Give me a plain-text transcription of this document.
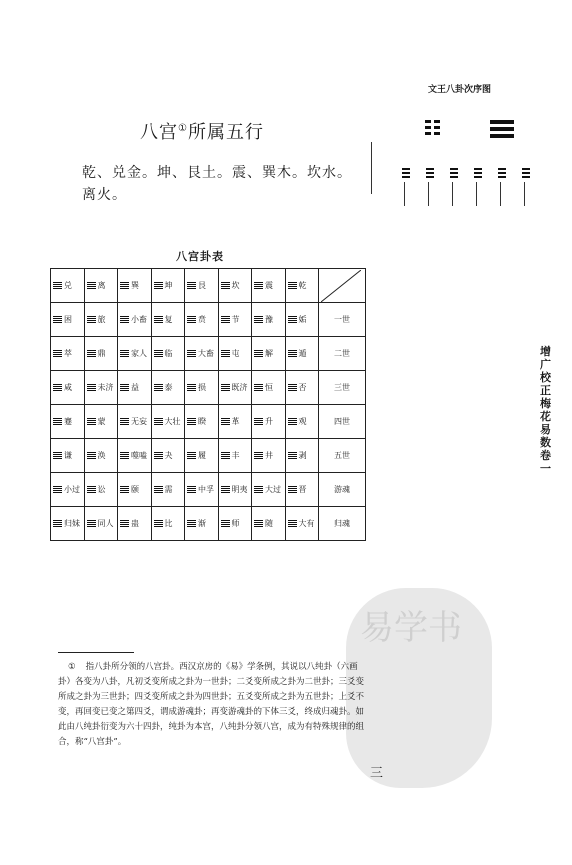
八宫①所属五行
乾、兑金。坤、艮土。震、巽木。坎水。离火。
文王八卦次序图
八宫卦表
兑	离	巽	坤	艮	坎	震	乾

困	旅	小畜	复	贲	节	豫	姤	一世

萃	鼎	家人	临	大畜	屯	解	遁	二世

咸	未济	益	泰	损	既济	恒	否	三世

蹇	蒙	无妄	大壮	睽	革	升	观	四世

谦	涣	噬嗑	夬	履	丰	井	剥	五世

小过	讼	颐	需	中孚	明夷	大过	晋	游魂

归妹	同人	蛊	比	渐	师	随	大有	归魂
增广校正梅花易数卷一
易学书
① 指八卦所分领的八宫卦。西汉京房的《易》学条例，其说以八纯卦（六画卦）各变为八卦，凡初爻变所成之卦为一世卦；二爻变所成之卦为二世卦；三爻变所成之卦为三世卦；四爻变所成之卦为四世卦；五爻变所成之卦为五世卦；上爻不变，再回变已变之第四爻，谓成游魂卦；再变游魂卦的下体三爻，终成归魂卦。如此由八纯卦衍变为六十四卦，纯卦为本宫，八纯卦分领八宫，成为有特殊规律的组合，称“八宫卦”。
三
